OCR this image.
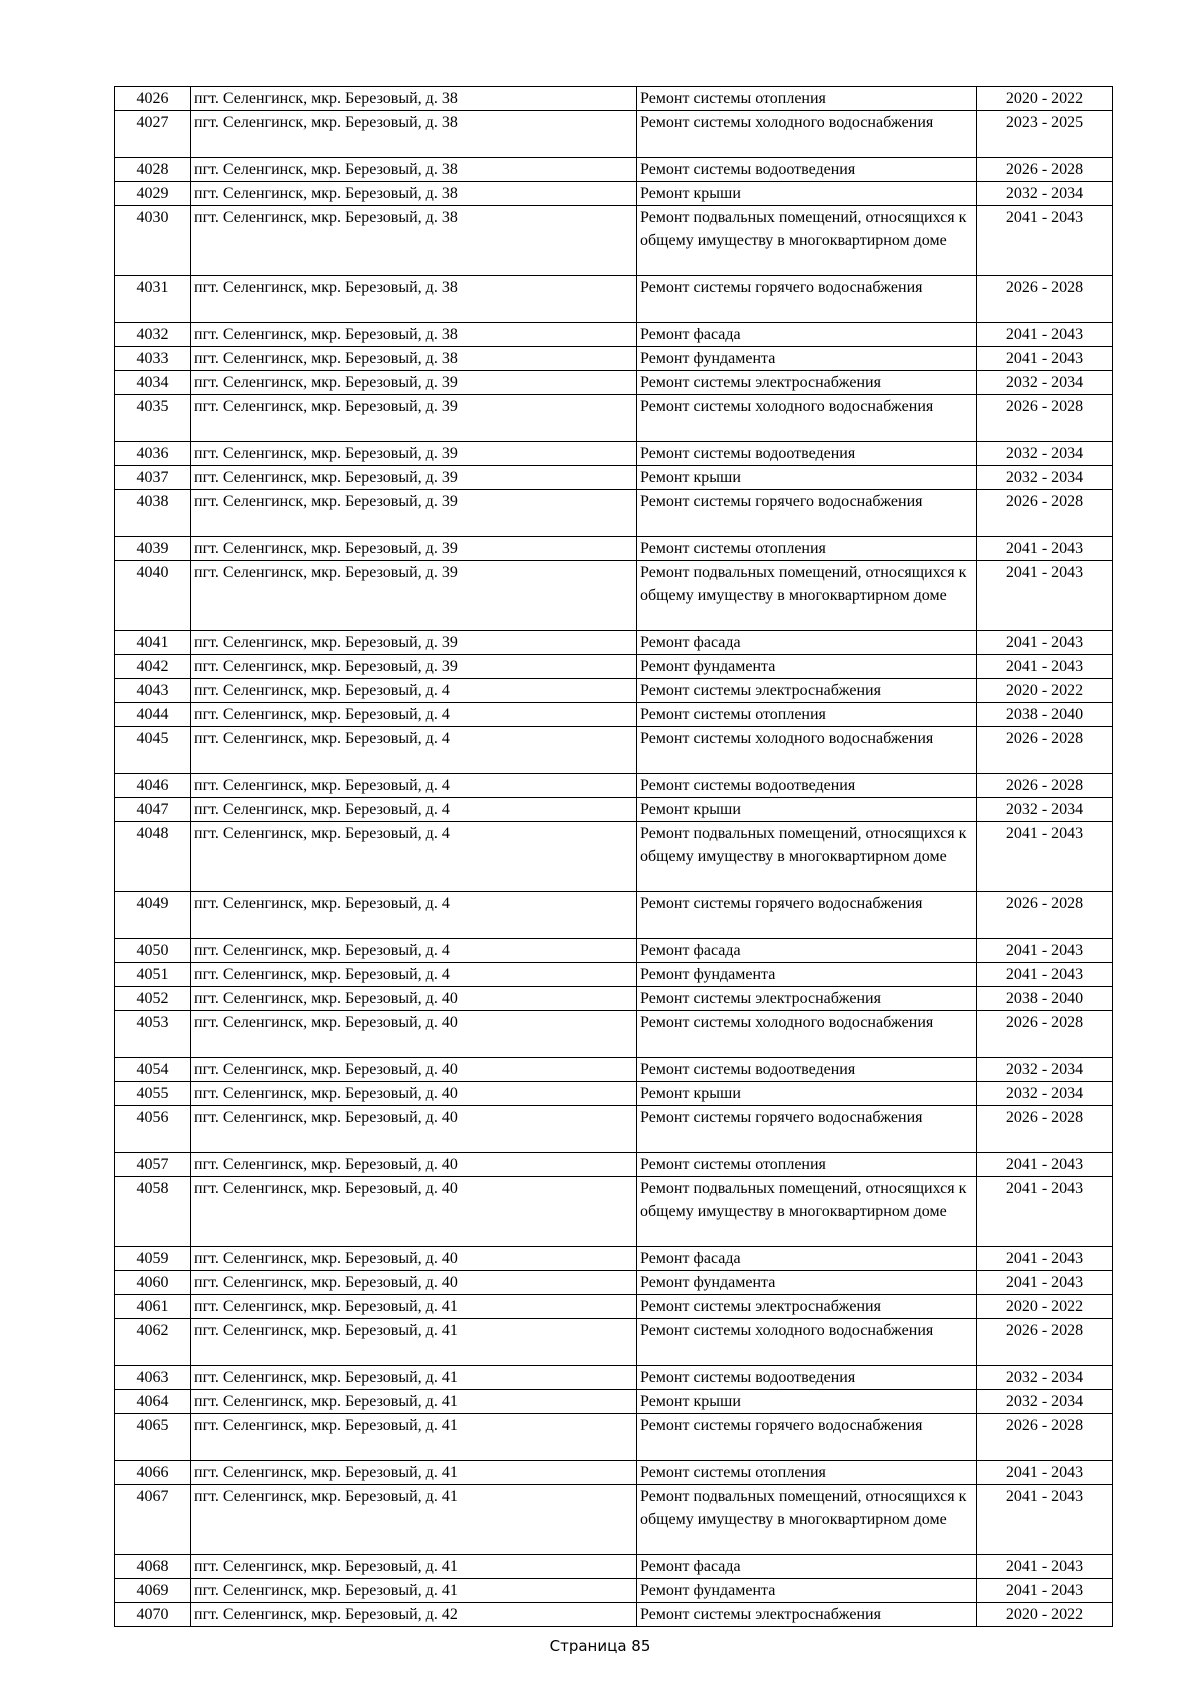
4026	пгт. Селенгинск, мкр. Березовый, д. 38	Ремонт системы отопления	2020 - 2022
4027	пгт. Селенгинск, мкр. Березовый, д. 38	Ремонт системы холодного водоснабжения	2023 - 2025
4028	пгт. Селенгинск, мкр. Березовый, д. 38	Ремонт системы водоотведения	2026 - 2028
4029	пгт. Селенгинск, мкр. Березовый, д. 38	Ремонт крыши	2032 - 2034
4030	пгт. Селенгинск, мкр. Березовый, д. 38	Ремонт подвальных помещений, относящихся к общему имуществу в многоквартирном доме	2041 - 2043
4031	пгт. Селенгинск, мкр. Березовый, д. 38	Ремонт системы горячего водоснабжения	2026 - 2028
4032	пгт. Селенгинск, мкр. Березовый, д. 38	Ремонт фасада	2041 - 2043
4033	пгт. Селенгинск, мкр. Березовый, д. 38	Ремонт фундамента	2041 - 2043
4034	пгт. Селенгинск, мкр. Березовый, д. 39	Ремонт системы электроснабжения	2032 - 2034
4035	пгт. Селенгинск, мкр. Березовый, д. 39	Ремонт системы холодного водоснабжения	2026 - 2028
4036	пгт. Селенгинск, мкр. Березовый, д. 39	Ремонт системы водоотведения	2032 - 2034
4037	пгт. Селенгинск, мкр. Березовый, д. 39	Ремонт крыши	2032 - 2034
4038	пгт. Селенгинск, мкр. Березовый, д. 39	Ремонт системы горячего водоснабжения	2026 - 2028
4039	пгт. Селенгинск, мкр. Березовый, д. 39	Ремонт системы отопления	2041 - 2043
4040	пгт. Селенгинск, мкр. Березовый, д. 39	Ремонт подвальных помещений, относящихся к общему имуществу в многоквартирном доме	2041 - 2043
4041	пгт. Селенгинск, мкр. Березовый, д. 39	Ремонт фасада	2041 - 2043
4042	пгт. Селенгинск, мкр. Березовый, д. 39	Ремонт фундамента	2041 - 2043
4043	пгт. Селенгинск, мкр. Березовый, д. 4	Ремонт системы электроснабжения	2020 - 2022
4044	пгт. Селенгинск, мкр. Березовый, д. 4	Ремонт системы отопления	2038 - 2040
4045	пгт. Селенгинск, мкр. Березовый, д. 4	Ремонт системы холодного водоснабжения	2026 - 2028
4046	пгт. Селенгинск, мкр. Березовый, д. 4	Ремонт системы водоотведения	2026 - 2028
4047	пгт. Селенгинск, мкр. Березовый, д. 4	Ремонт крыши	2032 - 2034
4048	пгт. Селенгинск, мкр. Березовый, д. 4	Ремонт подвальных помещений, относящихся к общему имуществу в многоквартирном доме	2041 - 2043
4049	пгт. Селенгинск, мкр. Березовый, д. 4	Ремонт системы горячего водоснабжения	2026 - 2028
4050	пгт. Селенгинск, мкр. Березовый, д. 4	Ремонт фасада	2041 - 2043
4051	пгт. Селенгинск, мкр. Березовый, д. 4	Ремонт фундамента	2041 - 2043
4052	пгт. Селенгинск, мкр. Березовый, д. 40	Ремонт системы электроснабжения	2038 - 2040
4053	пгт. Селенгинск, мкр. Березовый, д. 40	Ремонт системы холодного водоснабжения	2026 - 2028
4054	пгт. Селенгинск, мкр. Березовый, д. 40	Ремонт системы водоотведения	2032 - 2034
4055	пгт. Селенгинск, мкр. Березовый, д. 40	Ремонт крыши	2032 - 2034
4056	пгт. Селенгинск, мкр. Березовый, д. 40	Ремонт системы горячего водоснабжения	2026 - 2028
4057	пгт. Селенгинск, мкр. Березовый, д. 40	Ремонт системы отопления	2041 - 2043
4058	пгт. Селенгинск, мкр. Березовый, д. 40	Ремонт подвальных помещений, относящихся к общему имуществу в многоквартирном доме	2041 - 2043
4059	пгт. Селенгинск, мкр. Березовый, д. 40	Ремонт фасада	2041 - 2043
4060	пгт. Селенгинск, мкр. Березовый, д. 40	Ремонт фундамента	2041 - 2043
4061	пгт. Селенгинск, мкр. Березовый, д. 41	Ремонт системы электроснабжения	2020 - 2022
4062	пгт. Селенгинск, мкр. Березовый, д. 41	Ремонт системы холодного водоснабжения	2026 - 2028
4063	пгт. Селенгинск, мкр. Березовый, д. 41	Ремонт системы водоотведения	2032 - 2034
4064	пгт. Селенгинск, мкр. Березовый, д. 41	Ремонт крыши	2032 - 2034
4065	пгт. Селенгинск, мкр. Березовый, д. 41	Ремонт системы горячего водоснабжения	2026 - 2028
4066	пгт. Селенгинск, мкр. Березовый, д. 41	Ремонт системы отопления	2041 - 2043
4067	пгт. Селенгинск, мкр. Березовый, д. 41	Ремонт подвальных помещений, относящихся к общему имуществу в многоквартирном доме	2041 - 2043
4068	пгт. Селенгинск, мкр. Березовый, д. 41	Ремонт фасада	2041 - 2043
4069	пгт. Селенгинск, мкр. Березовый, д. 41	Ремонт фундамента	2041 - 2043
4070	пгт. Селенгинск, мкр. Березовый, д. 42	Ремонт системы электроснабжения	2020 - 2022
Страница 85
